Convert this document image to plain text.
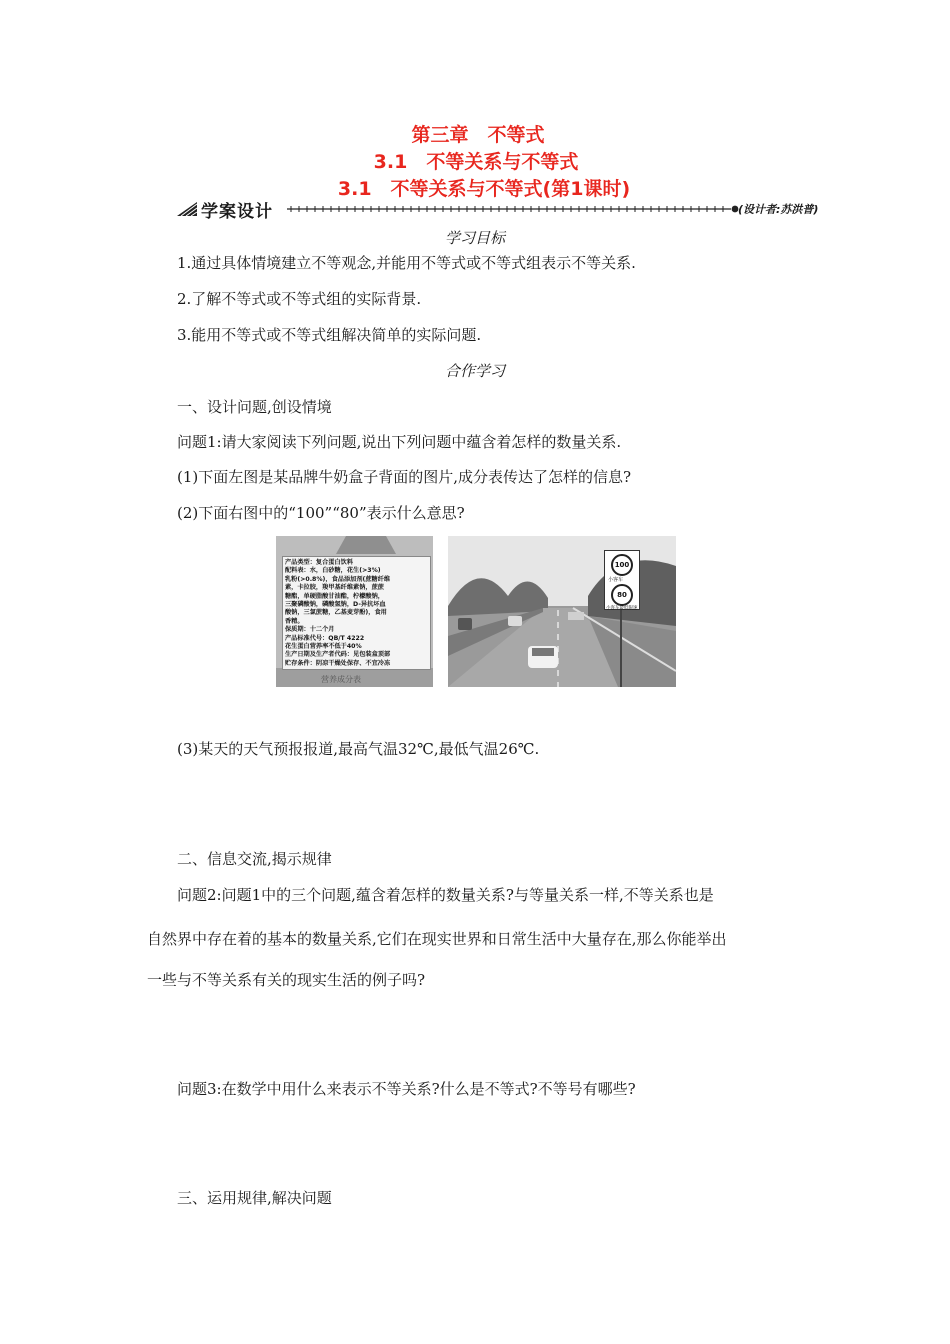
第三章　不等式
3.1　不等关系与不等式
3.1　不等关系与不等式(第1课时)
学案设计	(设计者:苏洪普)
学习目标
1.通过具体情境建立不等观念,并能用不等式或不等式组表示不等关系.
2.了解不等式或不等式组的实际背景.
3.能用不等式或不等式组解决简单的实际问题.
合作学习
一、设计问题,创设情境
问题1:请大家阅读下列问题,说出下列问题中蕴含着怎样的数量关系.
(1)下面左图是某品牌牛奶盒子背面的图片,成分表传达了怎样的信息?
(2)下面右图中的“100”“80”表示什么意思?
产品类型：复合蛋白饮料
配料表：水，白砂糖，花生(>3%)
乳粉(>0.8%)，食品添加剂(蔗糖纤维
素，卡拉胶，羧甲基纤维素钠，蔗蔗
糖酯，单硬脂酸甘油酯，柠檬酸钠，
三聚磷酸钠，磷酸氢钠，D-异抗坏血
酸钠，三氯蔗糖，乙基麦芽酚)，食用
香精。
保质期：十二个月
产品标准代号：QB/T 4222
花生蛋白营养率不低于40%
生产日期及生产者代码：见包装盒顶部
贮存条件：阴凉干燥处保存、不宜冷冻
营养成分表
100
小客车
80
小客车最低限速
(3)某天的天气预报报道,最高气温32℃,最低气温26℃.
二、信息交流,揭示规律
问题2:问题1中的三个问题,蕴含着怎样的数量关系?与等量关系一样,不等关系也是
自然界中存在着的基本的数量关系,它们在现实世界和日常生活中大量存在,那么你能举出
一些与不等关系有关的现实生活的例子吗?
问题3:在数学中用什么来表示不等关系?什么是不等式?不等号有哪些?
三、运用规律,解决问题
